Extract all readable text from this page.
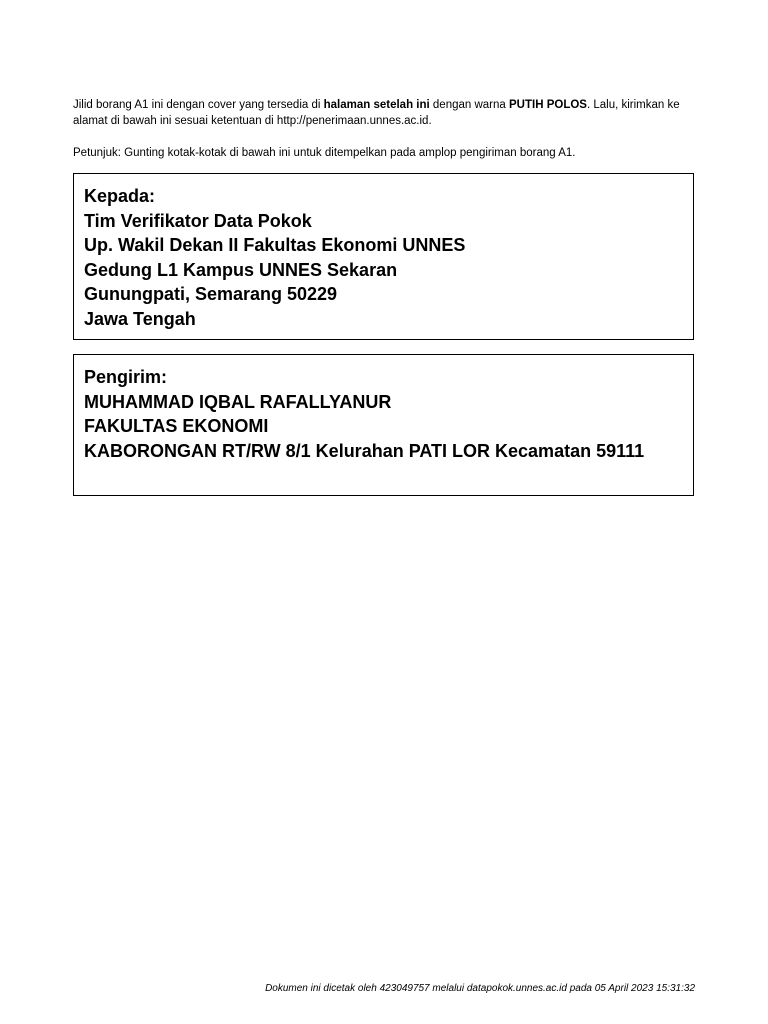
Jilid borang A1 ini dengan cover yang tersedia di halaman setelah ini dengan warna PUTIH POLOS. Lalu, kirimkan ke alamat di bawah ini sesuai ketentuan di http://penerimaan.unnes.ac.id.

Petunjuk: Gunting kotak-kotak di bawah ini untuk ditempelkan pada amplop pengiriman borang A1.

Kepada:
Tim Verifikator Data Pokok
Up. Wakil Dekan II Fakultas Ekonomi UNNES
Gedung L1 Kampus UNNES Sekaran
Gunungpati, Semarang 50229
Jawa Tengah
Pengirim:
MUHAMMAD IQBAL RAFALLYANUR
FAKULTAS EKONOMI
KABORONGAN RT/RW 8/1 Kelurahan PATI LOR Kecamatan 59111
Dokumen ini dicetak oleh 423049757 melalui datapokok.unnes.ac.id pada 05 April 2023 15:31:32
